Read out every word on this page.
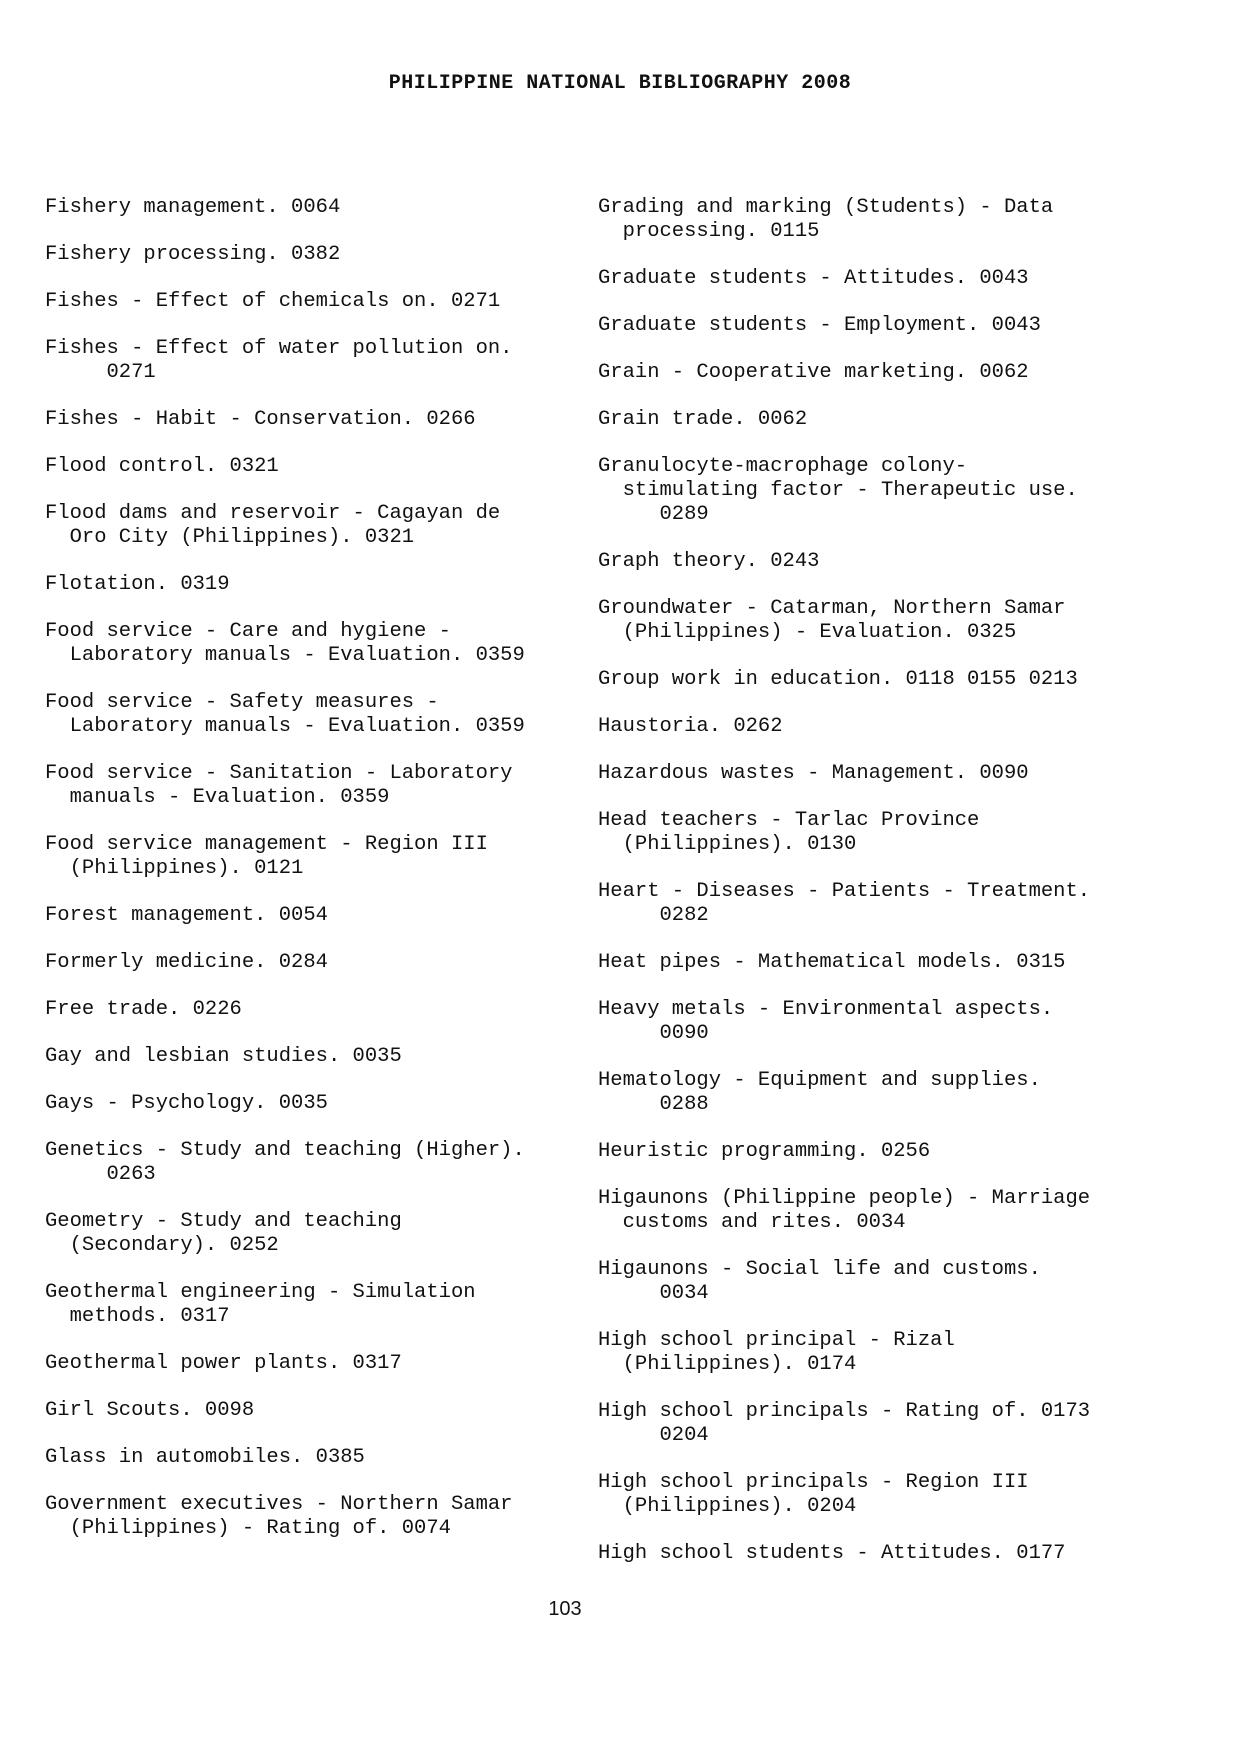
PHILIPPINE NATIONAL BIBLIOGRAPHY 2008
Fishery management. 0064
Fishery processing. 0382
Fishes - Effect of chemicals on. 0271
Fishes - Effect of water pollution on.
0271
Fishes - Habit - Conservation. 0266
Flood control. 0321
Flood dams and reservoir - Cagayan de
Oro City (Philippines). 0321
Flotation. 0319
Food service - Care and hygiene -
Laboratory manuals - Evaluation. 0359
Food service - Safety measures -
Laboratory manuals - Evaluation. 0359
Food service - Sanitation - Laboratory
manuals - Evaluation. 0359
Food service management - Region III
(Philippines). 0121
Forest management. 0054
Formerly medicine. 0284
Free trade. 0226
Gay and lesbian studies. 0035
Gays - Psychology. 0035
Genetics - Study and teaching (Higher).
0263
Geometry - Study and teaching
(Secondary). 0252
Geothermal engineering - Simulation
methods. 0317
Geothermal power plants. 0317
Girl Scouts. 0098
Glass in automobiles. 0385
Government executives - Northern Samar
(Philippines) - Rating of. 0074
Grading and marking (Students) - Data
processing. 0115
Graduate students - Attitudes. 0043
Graduate students - Employment. 0043
Grain - Cooperative marketing. 0062
Grain trade. 0062
Granulocyte-macrophage colony-
stimulating factor - Therapeutic use.
0289
Graph theory. 0243
Groundwater - Catarman, Northern Samar
(Philippines) - Evaluation. 0325
Group work in education. 0118 0155 0213
Haustoria. 0262
Hazardous wastes - Management. 0090
Head teachers - Tarlac Province
(Philippines). 0130
Heart - Diseases - Patients - Treatment.
0282
Heat pipes - Mathematical models. 0315
Heavy metals - Environmental aspects.
0090
Hematology - Equipment and supplies.
0288
Heuristic programming. 0256
Higaunons (Philippine people) - Marriage
customs and rites. 0034
Higaunons - Social life and customs.
0034
High school principal - Rizal
(Philippines). 0174
High school principals - Rating of. 0173
0204
High school principals - Region III
(Philippines). 0204
High school students - Attitudes. 0177
103
